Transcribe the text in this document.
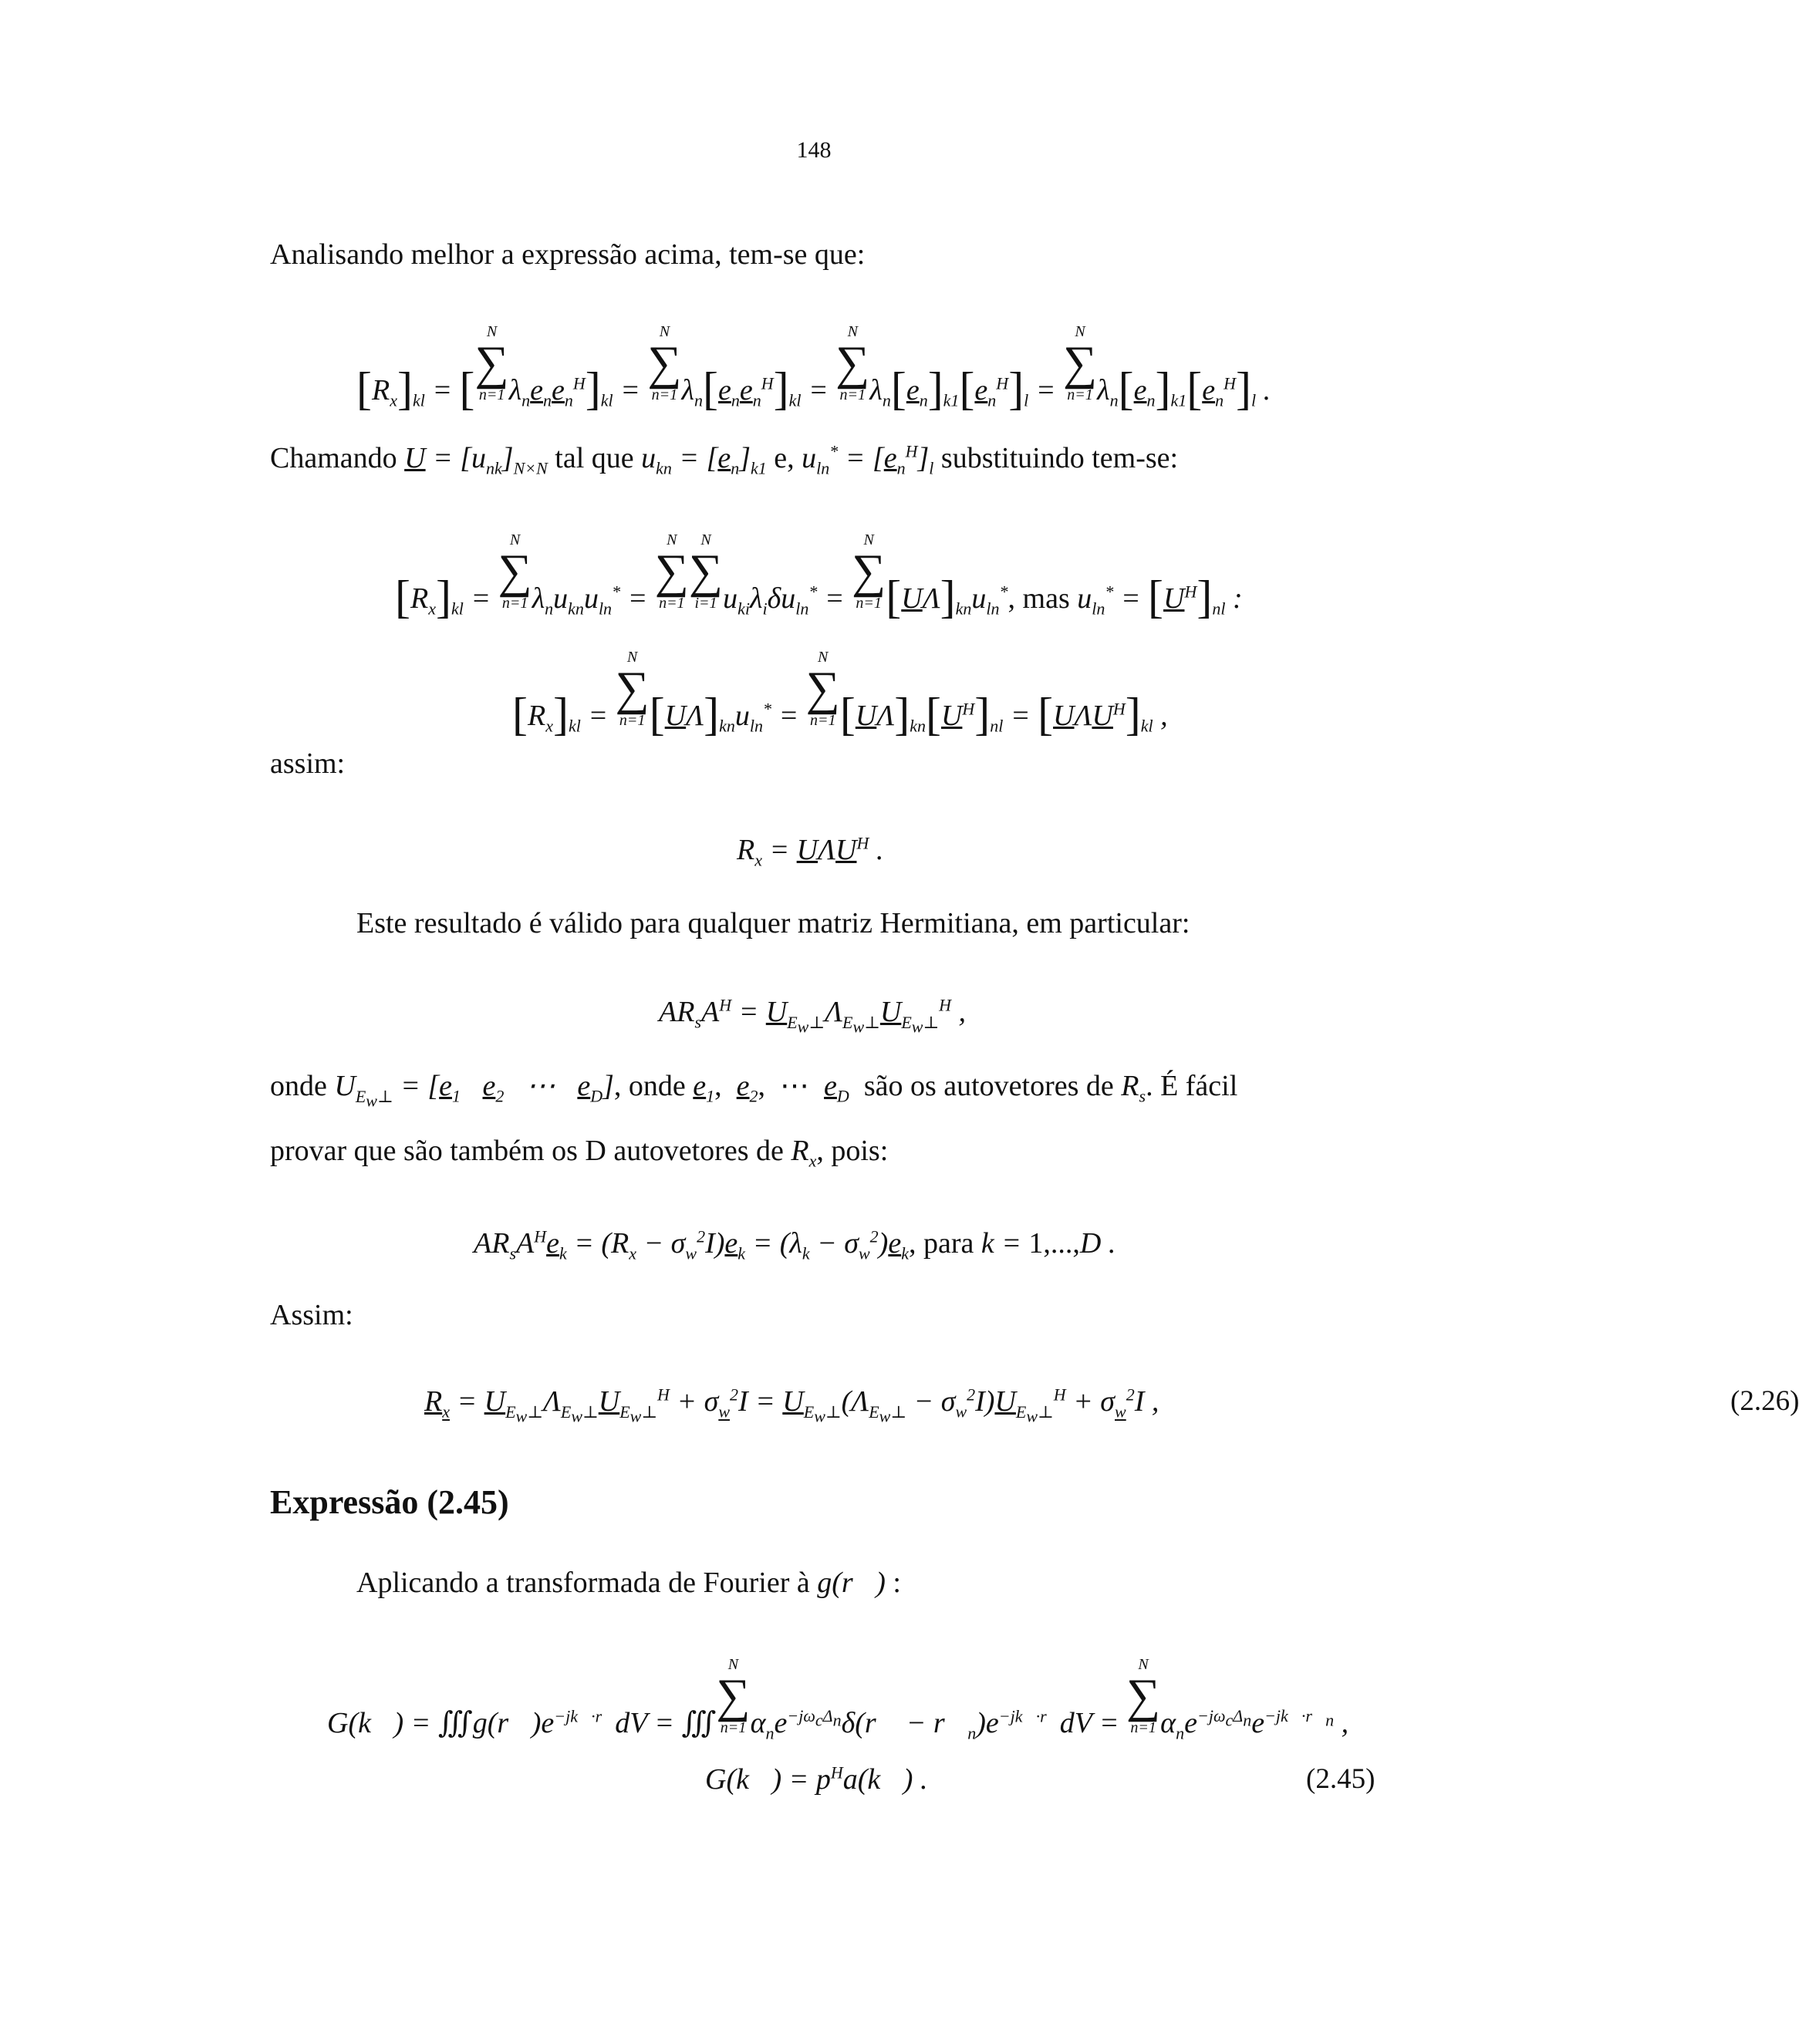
148
Analisando melhor a expressão acima, tem-se que:
$[R_x]_{kl}$ = [
N
∑
n=1 $\lambda_ne_ne_n^H]_{kl}$ =
N
∑
n=1 $\lambda_n[e_ne_n^H]_{kl}$ =
N
∑
n=1 $\lambda_n[e_n]_{k1}[e_n^H]_l$ =
N
∑
n=1 $\lambda_n[e_n]_{k1}[e_n^H]_l$ .
Chamando $U = [u_{nk}]_{N\times N}$ tal que $u_{kn} = [e_n]_{k1}$ e, $u_{ln}^* = [e_n^H]_l$ substituindo tem-se:
$[R_x]_{kl}$ =
N
∑
n=1 $\lambda_nu_{kn}u_{ln}^*$ =
N
∑
n=1
N
∑
i=1 $u_{ki}\lambda_i\delta u_{ln}^*$ =
N
∑
n=1 $[U\Lambda]_{kn}u_{ln}^*$, mas $u_{ln}^* = [U^H]_{nl}$ :
$[R_x]_{kl}$ =
N
∑
n=1 $[U\Lambda]_{kn}u_{ln}^*$ =
N
∑
n=1 $[U\Lambda]_{kn}[U^H]_{nl} = [U\Lambda U^H]_{kl}$ ,
assim:
$R_x = U\Lambda U^H$ .
Este resultado é válido para qualquer matriz Hermitiana, em particular:
$AR_sA^H = U_{E_w\perp}\Lambda_{E_w\perp}U_{E_w\perp}^H$ ,
onde $U_{E_w\perp} = [e_1$ $e_2$   ⋯   $e_D$], onde $e_1$,  $e_2$,  ⋯  $e_D$ são os autovetores de $R_s$. É fácil
provar que são também os D autovetores de $R_x$, pois:
$AR_sA^He_k = (R_x - \sigma_w^2I)e_k = (\lambda_k - \sigma_w^2)e_k$, para k = 1,...,D .
Assim:
$R_x = U_{E_w\perp}\Lambda_{E_w\perp}U_{E_w\perp}^H + \sigma_w^2I = U_{E_w\perp}(\Lambda_{E_w\perp} - \sigma_w^2I)U_{E_w\perp}^H + \sigma_w^2I$ ,	(2.26)
Expressão (2.45)
Aplicando a transformada de Fourier à g(r⃗) :
G(k⃗) = $∭g(r⃗)e^{-jk⃗\cdot r⃗}dV$ = ∭
N
∑
n=1 $\alpha_ne^{-j\omega_c\Delta_n}\delta(r⃗$ − $r⃗_n)e^{-jk⃗\cdot r⃗}dV$ =
N
∑
n=1 $\alpha_ne^{-j\omega_c\Delta_n}e^{-jk⃗\cdot r⃗_n}$ ,
G(k⃗) = $p^Ha(k⃗)$ .	(2.45)
